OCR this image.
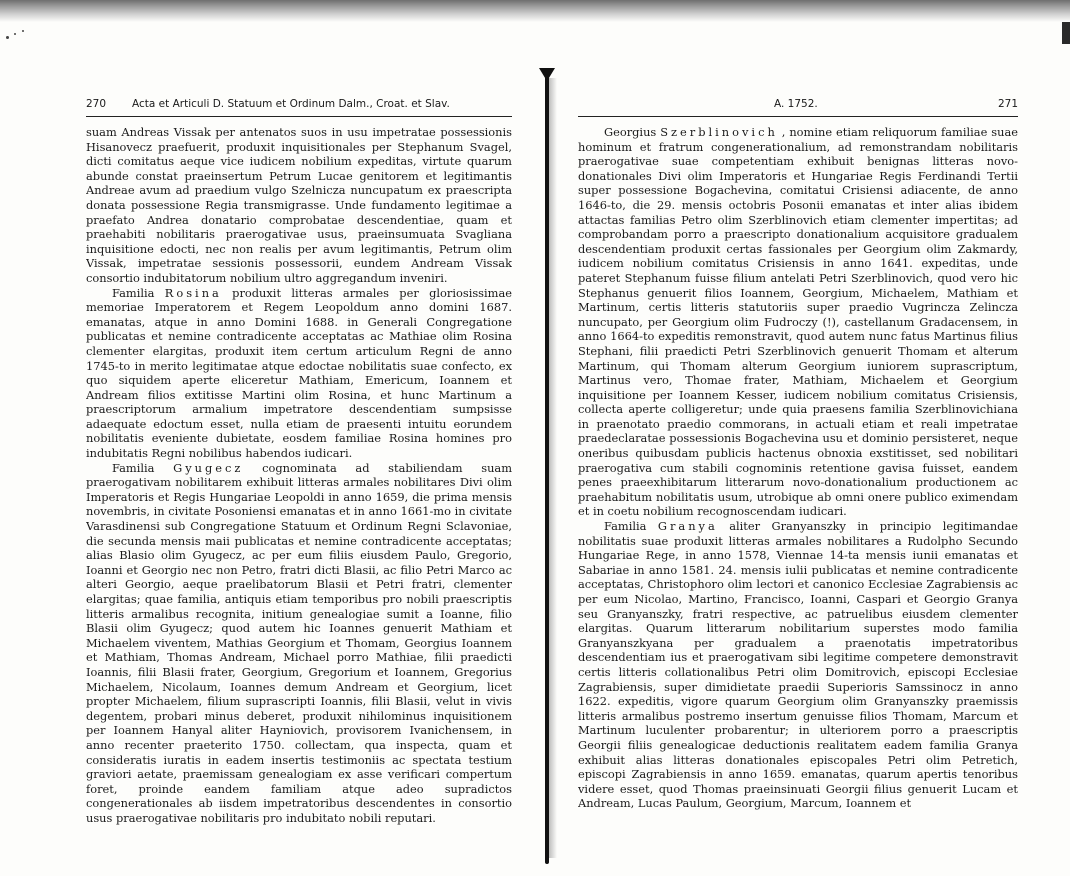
270 Acta et Articuli D. Statuum et Ordinum Dalm., Croat. et Slav.

suam Andreas Vissak per antenatos suos in usu impetratae possessionis Hisanovecz praefuerit, produxit inquisitionales per Stephanum Svagel, dicti comitatus aeque vice iudicem nobilium expeditas, virtute quarum abunde constat praeinsertum Petrum Lucae genitorem et legitimantis Andreae avum ad praedium vulgo Szelnicza nuncupatum ex praescripta donata possessione Regia transmigrasse. Unde fundamento legitimae a praefato Andrea donatario comprobatae descendentiae, quam et praehabiti nobilitaris praerogativae usus, praeinsumuata Svagliana inquisitione edocti, nec non realis per avum legitimantis, Petrum olim Vissak, impetratae sessionis possessorii, eundem Andream Vissak consortio indubitatorum nobilium ultro aggregandum inveniri.

Familia Rosina produxit litteras armales per gloriosissimae memoriae Imperatorem et Regem Leopoldum anno domini 1687. emanatas, atque in anno Domini 1688. in Generali Congregatione publicatas et nemine contradicente acceptatas ac Mathiae olim Rosina clementer elargitas, produxit item certum articulum Regni de anno 1745-to in merito legitimatae atque edoctae nobilitatis suae confecto, ex quo siquidem aperte eliceretur Mathiam, Emericum, Ioannem et Andream filios extitisse Martini olim Rosina, et hunc Martinum a praescriptorum armalium impetratore descendentiam sumpsisse adaequate edoctum esset, nulla etiam de praesenti intuitu eorundem nobilitatis eveniente dubietate, eosdem familiae Rosina homines pro indubitatis Regni nobilibus habendos iudicari.

Familia Gyugecz cognominata ad stabiliendam suam praerogativam nobilitarem exhibuit litteras armales nobilitares Divi olim Imperatoris et Regis Hungariae Leopoldi in anno 1659, die prima mensis novembris, in civitate Posoniensi emanatas et in anno 1661-mo in civitate Varasdinensi sub Congregatione Statuum et Ordinum Regni Sclavoniae, die secunda mensis maii publicatas et nemine contradicente acceptatas; alias Blasio olim Gyugecz, ac per eum filiis eiusdem Paulo, Gregorio, Ioanni et Georgio nec non Petro, fratri dicti Blasii, ac filio Petri Marco ac alteri Georgio, aeque praelibatorum Blasii et Petri fratri, clementer elargitas; quae familia, antiquis etiam temporibus pro nobili praescriptis litteris armalibus recognita, initium genealogiae sumit a Ioanne, filio Blasii olim Gyugecz; quod autem hic Ioannes genuerit Mathiam et Michaelem viventem, Mathias Georgium et Thomam, Georgius Ioannem et Mathiam, Thomas Andream, Michael porro Mathiae, filii praedicti Ioannis, filii Blasii frater, Georgium, Gregorium et Ioannem, Gregorius Michaelem, Nicolaum, Ioannes demum Andream et Georgium, licet propter Michaelem, filium suprascripti Ioannis, filii Blasii, velut in vivis degentem, probari minus deberet, produxit nihilominus inquisitionem per Ioannem Hanyal aliter Hayniovich, provisorem Ivanichensem, in anno recenter praeterito 1750. collectam, qua inspecta, quam et consideratis iuratis in eadem insertis testimoniis ac spectata testium graviori aetate, praemissam genealogiam ex asse verificari compertum foret, proinde eandem familiam atque adeo supradictos congenerationales ab iisdem impetratoribus descendentes in consortio usus praerogativae nobilitaris pro indubitato nobili reputari.

A. 1752.	271

Georgius Szerblinovich , nomine etiam reliquorum familiae suae hominum et fratrum congenerationalium, ad remonstrandam nobilitaris praerogativae suae competentiam exhibuit benignas litteras novo-donationales Divi olim Imperatoris et Hungariae Regis Ferdinandi Tertii super possessione Bogachevina, comitatui Crisiensi adiacente, de anno 1646-to, die 29. mensis octobris Posonii emanatas et inter alias ibidem attactas familias Petro olim Szerblinovich etiam clementer impertitas; ad comprobandam porro a praescripto donationalium acquisitore gradualem descendentiam produxit certas fassionales per Georgium olim Zakmardy, iudicem nobilium comitatus Crisiensis in anno 1641. expeditas, unde pateret Stephanum fuisse filium antelati Petri Szerblinovich, quod vero hic Stephanus genuerit filios Ioannem, Georgium, Michaelem, Mathiam et Martinum, certis litteris statutoriis super praedio Vugrincza Zelincza nuncupato, per Georgium olim Fudroczy (!), castellanum Gradacensem, in anno 1664-to expeditis remonstravit, quod autem nunc fatus Martinus filius Stephani, filii praedicti Petri Szerblinovich genuerit Thomam et alterum Martinum, qui Thomam alterum Georgium iuniorem suprascriptum, Martinus vero, Thomae frater, Mathiam, Michaelem et Georgium inquisitione per Ioannem Kesser, iudicem nobilium comitatus Crisiensis, collecta aperte colligeretur; unde quia praesens familia Szerblinovichiana in praenotato praedio commorans, in actuali etiam et reali impetratae praedeclaratae possessionis Bogachevina usu et dominio persisteret, neque oneribus quibusdam publicis hactenus obnoxia exstitisset, sed nobilitari praerogativa cum stabili cognominis retentione gavisa fuisset, eandem penes praeexhibitarum litterarum novo-donationalium productionem ac praehabitum nobilitatis usum, utrobique ab omni onere publico eximendam et in coetu nobilium recognoscendam iudicari.

Familia Granya aliter Granyanszky in principio legitimandae nobilitatis suae produxit litteras armales nobilitares a Rudolpho Secundo Hungariae Rege, in anno 1578, Viennae 14-ta mensis iunii emanatas et Sabariae in anno 1581. 24. mensis iulii publicatas et nemine contradicente acceptatas, Christophoro olim lectori et canonico Ecclesiae Zagrabiensis ac per eum Nicolao, Martino, Francisco, Ioanni, Caspari et Georgio Granya seu Granyanszky, fratri respective, ac patruelibus eiusdem clementer elargitas. Quarum litterarum nobilitarium superstes modo familia Granyanszkyana per gradualem a praenotatis impetratoribus descendentiam ius et praerogativam sibi legitime competere demonstravit certis litteris collationalibus Petri olim Domitrovich, episcopi Ecclesiae Zagrabiensis, super dimidietate praedii Superioris Samssinocz in anno 1622. expeditis, vigore quarum Georgium olim Granyanszky praemissis litteris armalibus postremo insertum genuisse filios Thomam, Marcum et Martinum luculenter probarentur; in ulteriorem porro a praescriptis Georgii filiis genealogicae deductionis realitatem eadem familia Granya exhibuit alias litteras donationales episcopales Petri olim Petretich, episcopi Zagrabiensis in anno 1659. emanatas, quarum apertis tenoribus videre esset, quod Thomas praeinsinuati Georgii filius genuerit Lucam et Andream, Lucas Paulum, Georgium, Marcum, Ioannem et
